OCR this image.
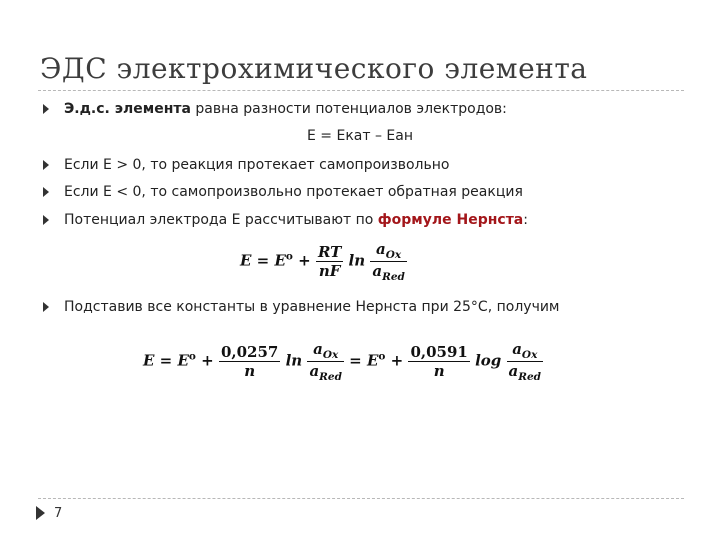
ЭДС электрохимического элемента
Э.д.с. элемента равна разности потенциалов электродов:
E = Eкат – Eан
Если E > 0, то реакция протекает самопроизвольно
Если E < 0, то самопроизвольно протекает обратная реакция
Потенциал электрода E рассчитывают по формуле Нернста:
$E = E^o + \frac{RT}{nF}$ $\ln \frac{a_{Ox}}{a_{Red}}$
Подставив все константы в уравнение Нернста при 25°C, получим
$E = E^o + \frac{0,0257}{n}$ $\ln \frac{a_{Ox}}{a_{Red}} = E^o + \frac{0,0591}{n}$ $\log \frac{a_{Ox}}{a_{Red}}$
7
